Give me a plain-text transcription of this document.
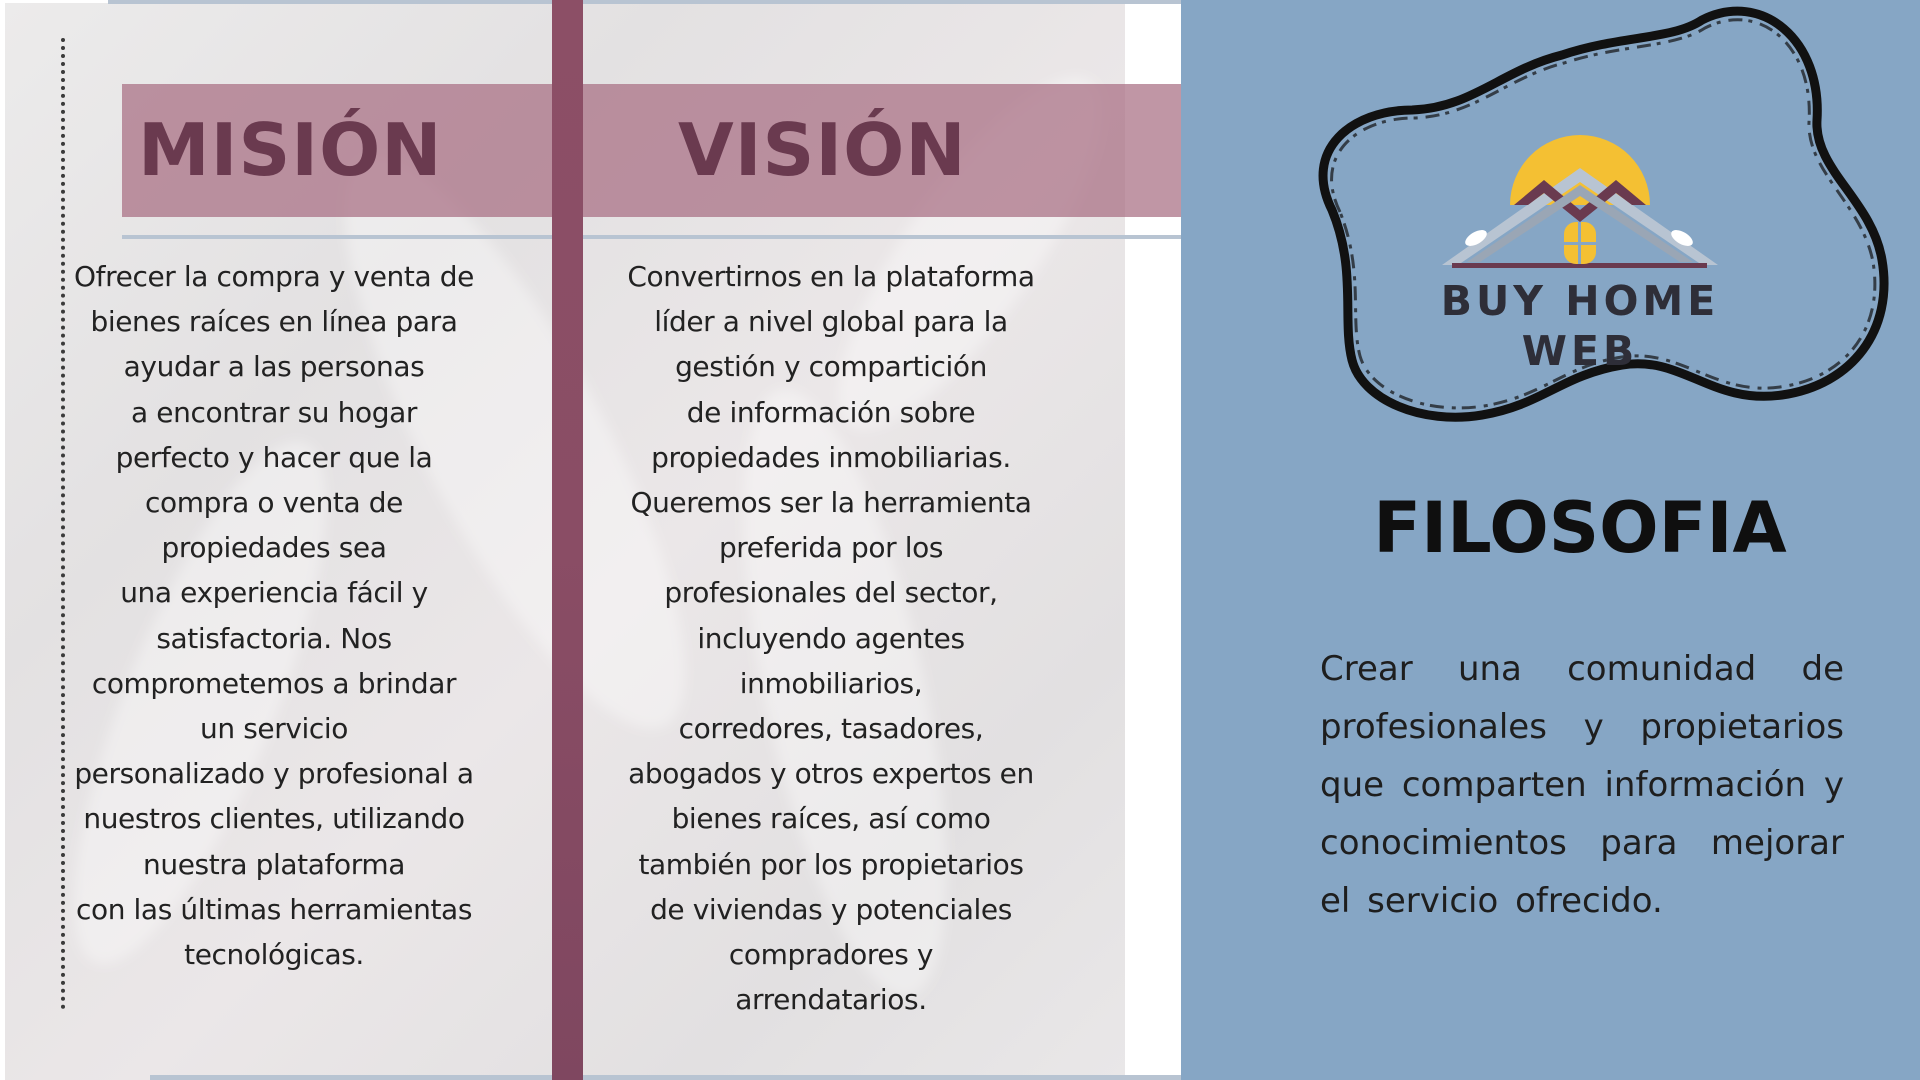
MISIÓN	VISIÓN
Ofrecer la compra y venta de
bienes raíces en línea para
ayudar a las personas
a encontrar su hogar
perfecto y hacer que la
compra o venta de
propiedades sea
una experiencia fácil y
satisfactoria. Nos
comprometemos a brindar
un servicio
personalizado y profesional a
nuestros clientes, utilizando
nuestra plataforma
con las últimas herramientas
tecnológicas.
Convertirnos en la plataforma
líder a nivel global para la
gestión y compartición
de información sobre
propiedades inmobiliarias.
Queremos ser la herramienta
preferida por los
profesionales del sector,
incluyendo agentes
inmobiliarios,
corredores, tasadores,
abogados y otros expertos en
bienes raíces, así como
también por los propietarios
de viviendas y potenciales
compradores y
arrendatarios.
BUY HOME WEB
FILOSOFIA

Crear una comunidad de profesionales y propietarios que comparten información y conocimientos para mejorar el servicio ofrecido.
